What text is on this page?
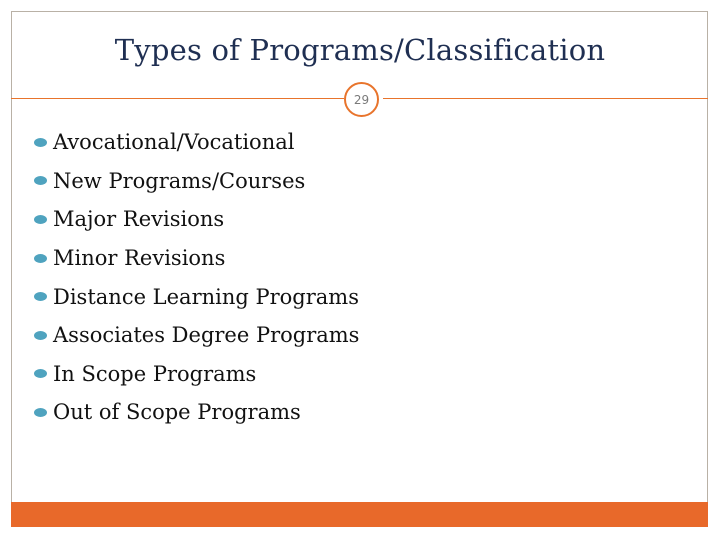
Types of Programs/Classification
29
Avocational/Vocational
New Programs/Courses
Major Revisions
Minor Revisions
Distance Learning Programs
Associates Degree Programs
In Scope Programs
Out of Scope Programs
